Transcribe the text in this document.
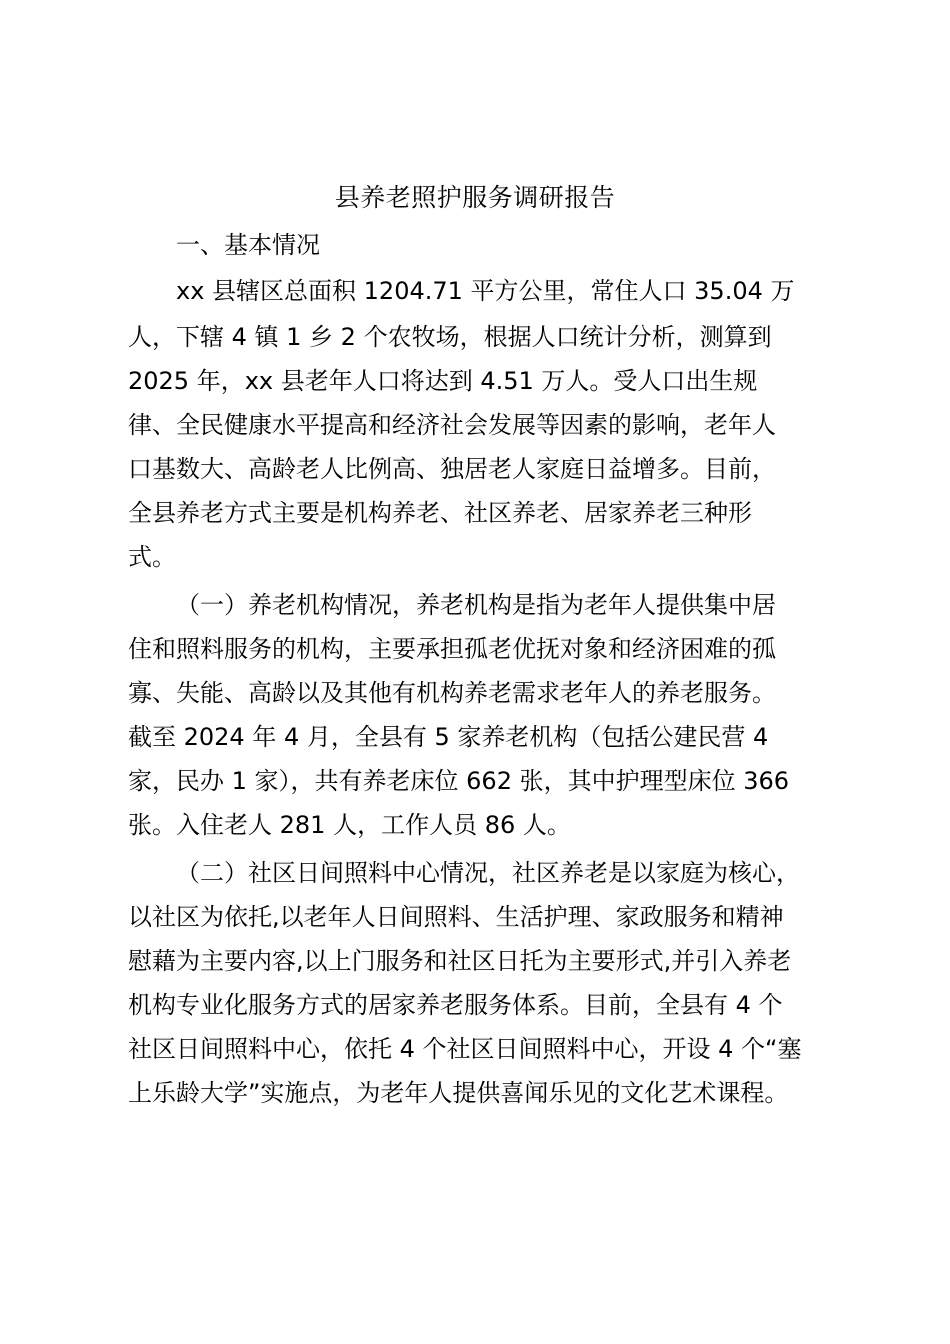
县养老照护服务调研报告

一、基本情况

xx 县辖区总面积 1204.71 平方公里，常住人口 35.04 万

人，下辖 4 镇 1 乡 2 个农牧场，根据人口统计分析，测算到

2025 年，xx 县老年人口将达到 4.51 万人。受人口出生规

律、全民健康水平提高和经济社会发展等因素的影响，老年人

口基数大、高龄老人比例高、独居老人家庭日益增多。目前，

全县养老方式主要是机构养老、社区养老、居家养老三种形

式。

（一）养老机构情况，养老机构是指为老年人提供集中居

住和照料服务的机构，主要承担孤老优抚对象和经济困难的孤

寡、失能、高龄以及其他有机构养老需求老年人的养老服务。

截至 2024 年 4 月，全县有 5 家养老机构（包括公建民营 4

家，民办 1 家），共有养老床位 662 张，其中护理型床位 366

张。入住老人 281 人，工作人员 86 人。

（二）社区日间照料中心情况，社区养老是以家庭为核心，

以社区为依托,以老年人日间照料、生活护理、家政服务和精神

慰藉为主要内容,以上门服务和社区日托为主要形式,并引入养老

机构专业化服务方式的居家养老服务体系。目前，全县有 4 个

社区日间照料中心，依托 4 个社区日间照料中心，开设 4 个“塞

上乐龄大学”实施点，为老年人提供喜闻乐见的文化艺术课程。
